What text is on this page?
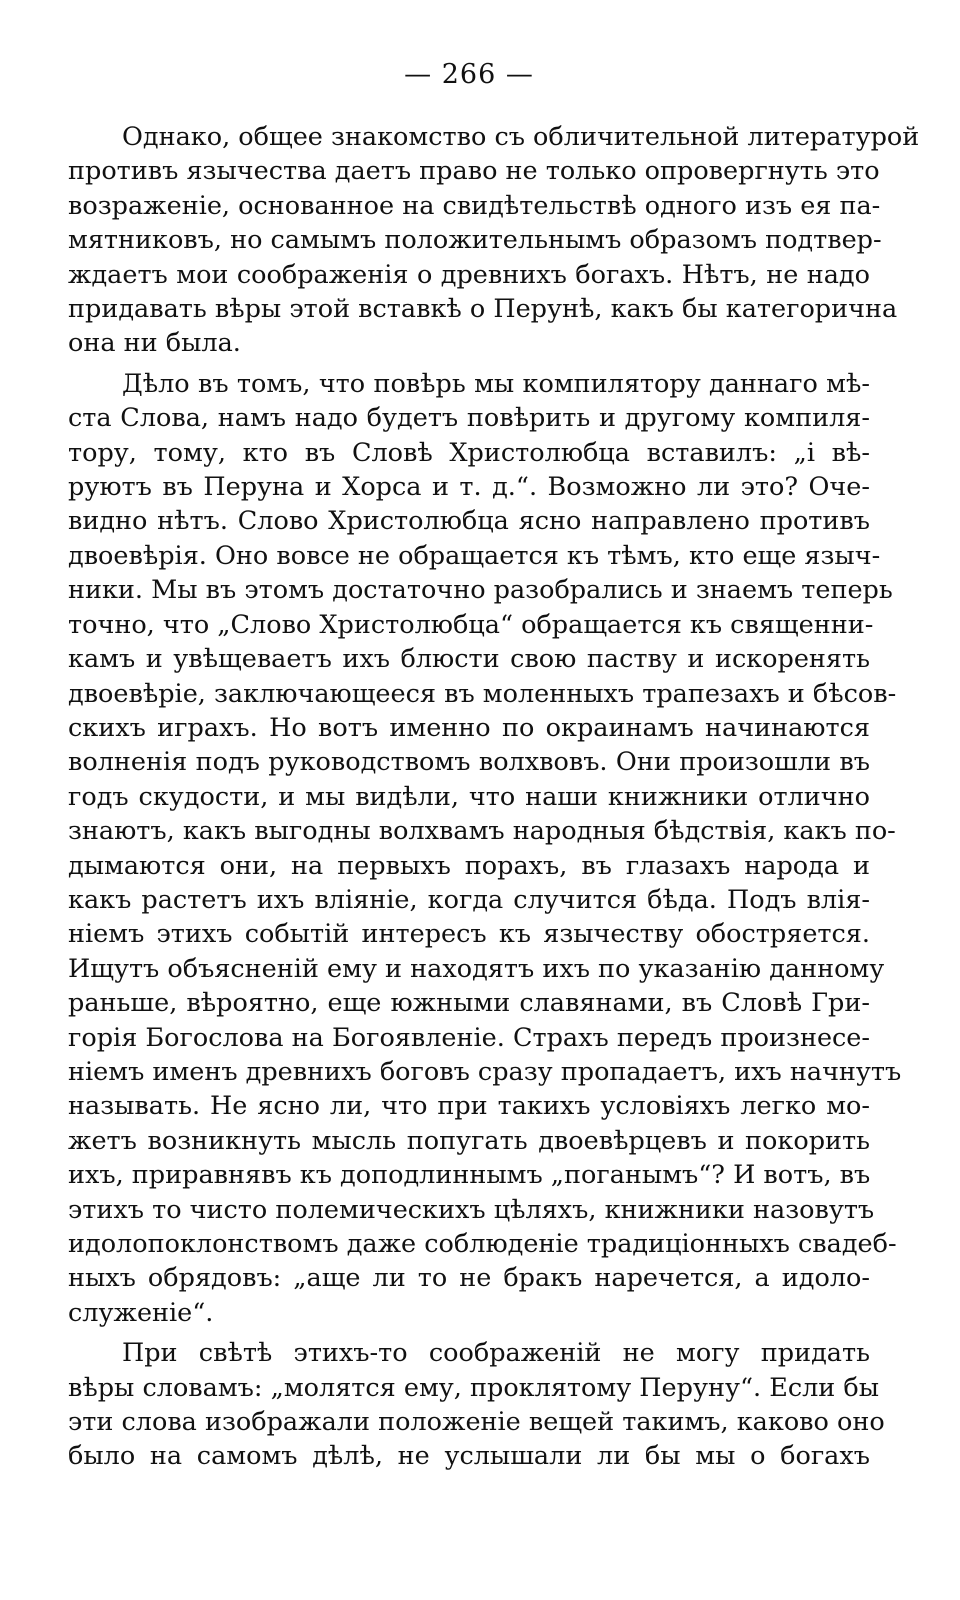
— 266 —
Однако, общее знакомство съ обличительной литературой
противъ язычества даетъ право не только опровергнуть это
возраженіе, основанное на свидѣтельствѣ одного изъ ея па-
мятниковъ, но самымъ положительнымъ образомъ подтвер-
ждаетъ мои соображенія о древнихъ богахъ. Нѣтъ, не надо
придавать вѣры этой вставкѣ о Перунѣ, какъ бы категорична
она ни была.
Дѣло въ томъ, что повѣрь мы компилятору даннаго мѣ-
ста Слова, намъ надо будетъ повѣрить и другому компиля-
тору, тому, кто въ Словѣ Христолюбца вставилъ: „і вѣ-
руютъ въ Перуна и Хорса и т. д.“. Возможно ли это? Оче-
видно нѣтъ. Слово Христолюбца ясно направлено противъ
двоевѣрія. Оно вовсе не обращается къ тѣмъ, кто еще языч-
ники. Мы въ этомъ достаточно разобрались и знаемъ теперь
точно, что „Слово Христолюбца“ обращается къ священни-
камъ и увѣщеваетъ ихъ блюсти свою паству и искоренять
двоевѣріе, заключающееся въ моленныхъ трапезахъ и бѣсов-
скихъ играхъ. Но вотъ именно по окраинамъ начинаются
волненія подъ руководствомъ волхвовъ. Они произошли въ
годъ скудости, и мы видѣли, что наши книжники отлично
знаютъ, какъ выгодны волхвамъ народныя бѣдствія, какъ по-
дымаются они, на первыхъ порахъ, въ глазахъ народа и
какъ растетъ ихъ вліяніе, когда случится бѣда. Подъ влія-
ніемъ этихъ событій интересъ къ язычеству обостряется.
Ищутъ объясненій ему и находятъ ихъ по указанію данному
раньше, вѣроятно, еще южными славянами, въ Словѣ Гри-
горія Богослова на Богоявленіе. Страхъ передъ произнесе-
ніемъ именъ древнихъ боговъ сразу пропадаетъ, ихъ начнутъ
называть. Не ясно ли, что при такихъ условіяхъ легко мо-
жетъ возникнуть мысль попугать двоевѣрцевъ и покорить
ихъ, приравнявъ къ доподлиннымъ „поганымъ“? И вотъ, въ
этихъ то чисто полемическихъ цѣляхъ, книжники назовутъ
идолопоклонствомъ даже соблюденіе традиціонныхъ свадеб-
ныхъ обрядовъ: „аще ли то не бракъ наречется, а идоло-
служеніе“.
При свѣтѣ этихъ-то соображеній не могу придать
вѣры словамъ: „молятся ему, проклятому Перуну“. Если бы
эти слова изображали положеніе вещей такимъ, каково оно
было на самомъ дѣлѣ, не услышали ли бы мы о богахъ
